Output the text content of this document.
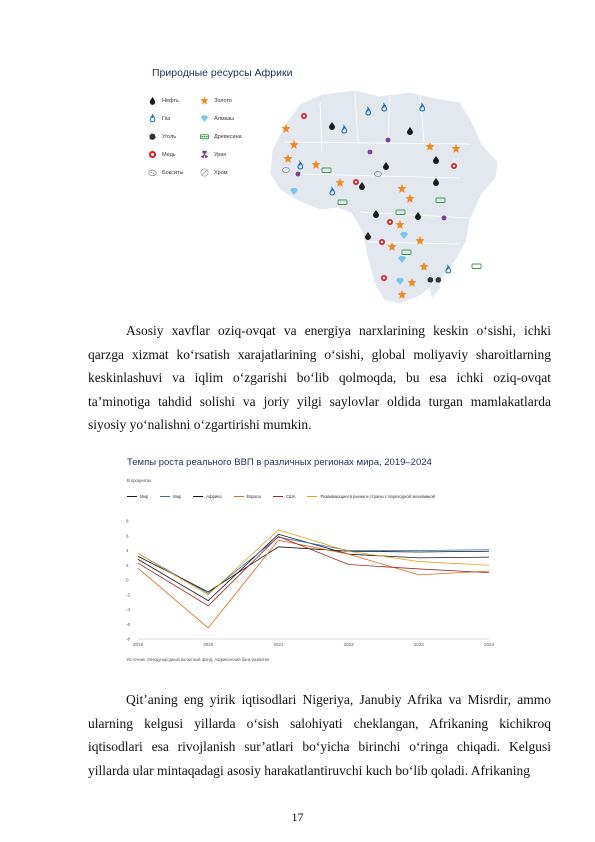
Природные ресурсы Африки
Нефть	Золото
Газ	Алмазы
Уголь	Древесина
Медь	Уран
Бокситы	Хром

Asosiy xavflar oziq-ovqat va energiya narxlarining keskin o‘sishi, ichki qarzga xizmat ko‘rsatish xarajatlarining o‘sishi, global moliyaviy sharoitlarning keskinlashuvi va iqlim o‘zgarishi bo‘lib qolmoqda, bu esa ichki oziq-ovqat ta’minotiga tahdid solishi va joriy yilgi saylovlar oldida turgan mamlakatlarda siyosiy yo‘nalishni o‘zgartirishi mumkin.

Темпы роста реального ВВП в различных регионах мира, 2019–2024
В процентах
Мир	Мир	Африка	Европа	США	Развивающиеся рынки и страны с переходной экономикой
8
6
4
2
0
-2
-4
-6
-8
2019	2020	2021	2022	2023	2024
Источник: Международный валютный фонд; Африканский банк развития

Qit’aning eng yirik iqtisodlari Nigeriya, Janubiy Afrika va Misrdir, ammo ularning kelgusi yillarda o‘sish salohiyati cheklangan, Afrikaning kichikroq iqtisodlari esa rivojlanish sur’atlari bo‘yicha birinchi o‘ringa chiqadi. Kelgusi yillarda ular mintaqadagi asosiy harakatlantiruvchi kuch bo‘lib qoladi. Afrikaning

17
